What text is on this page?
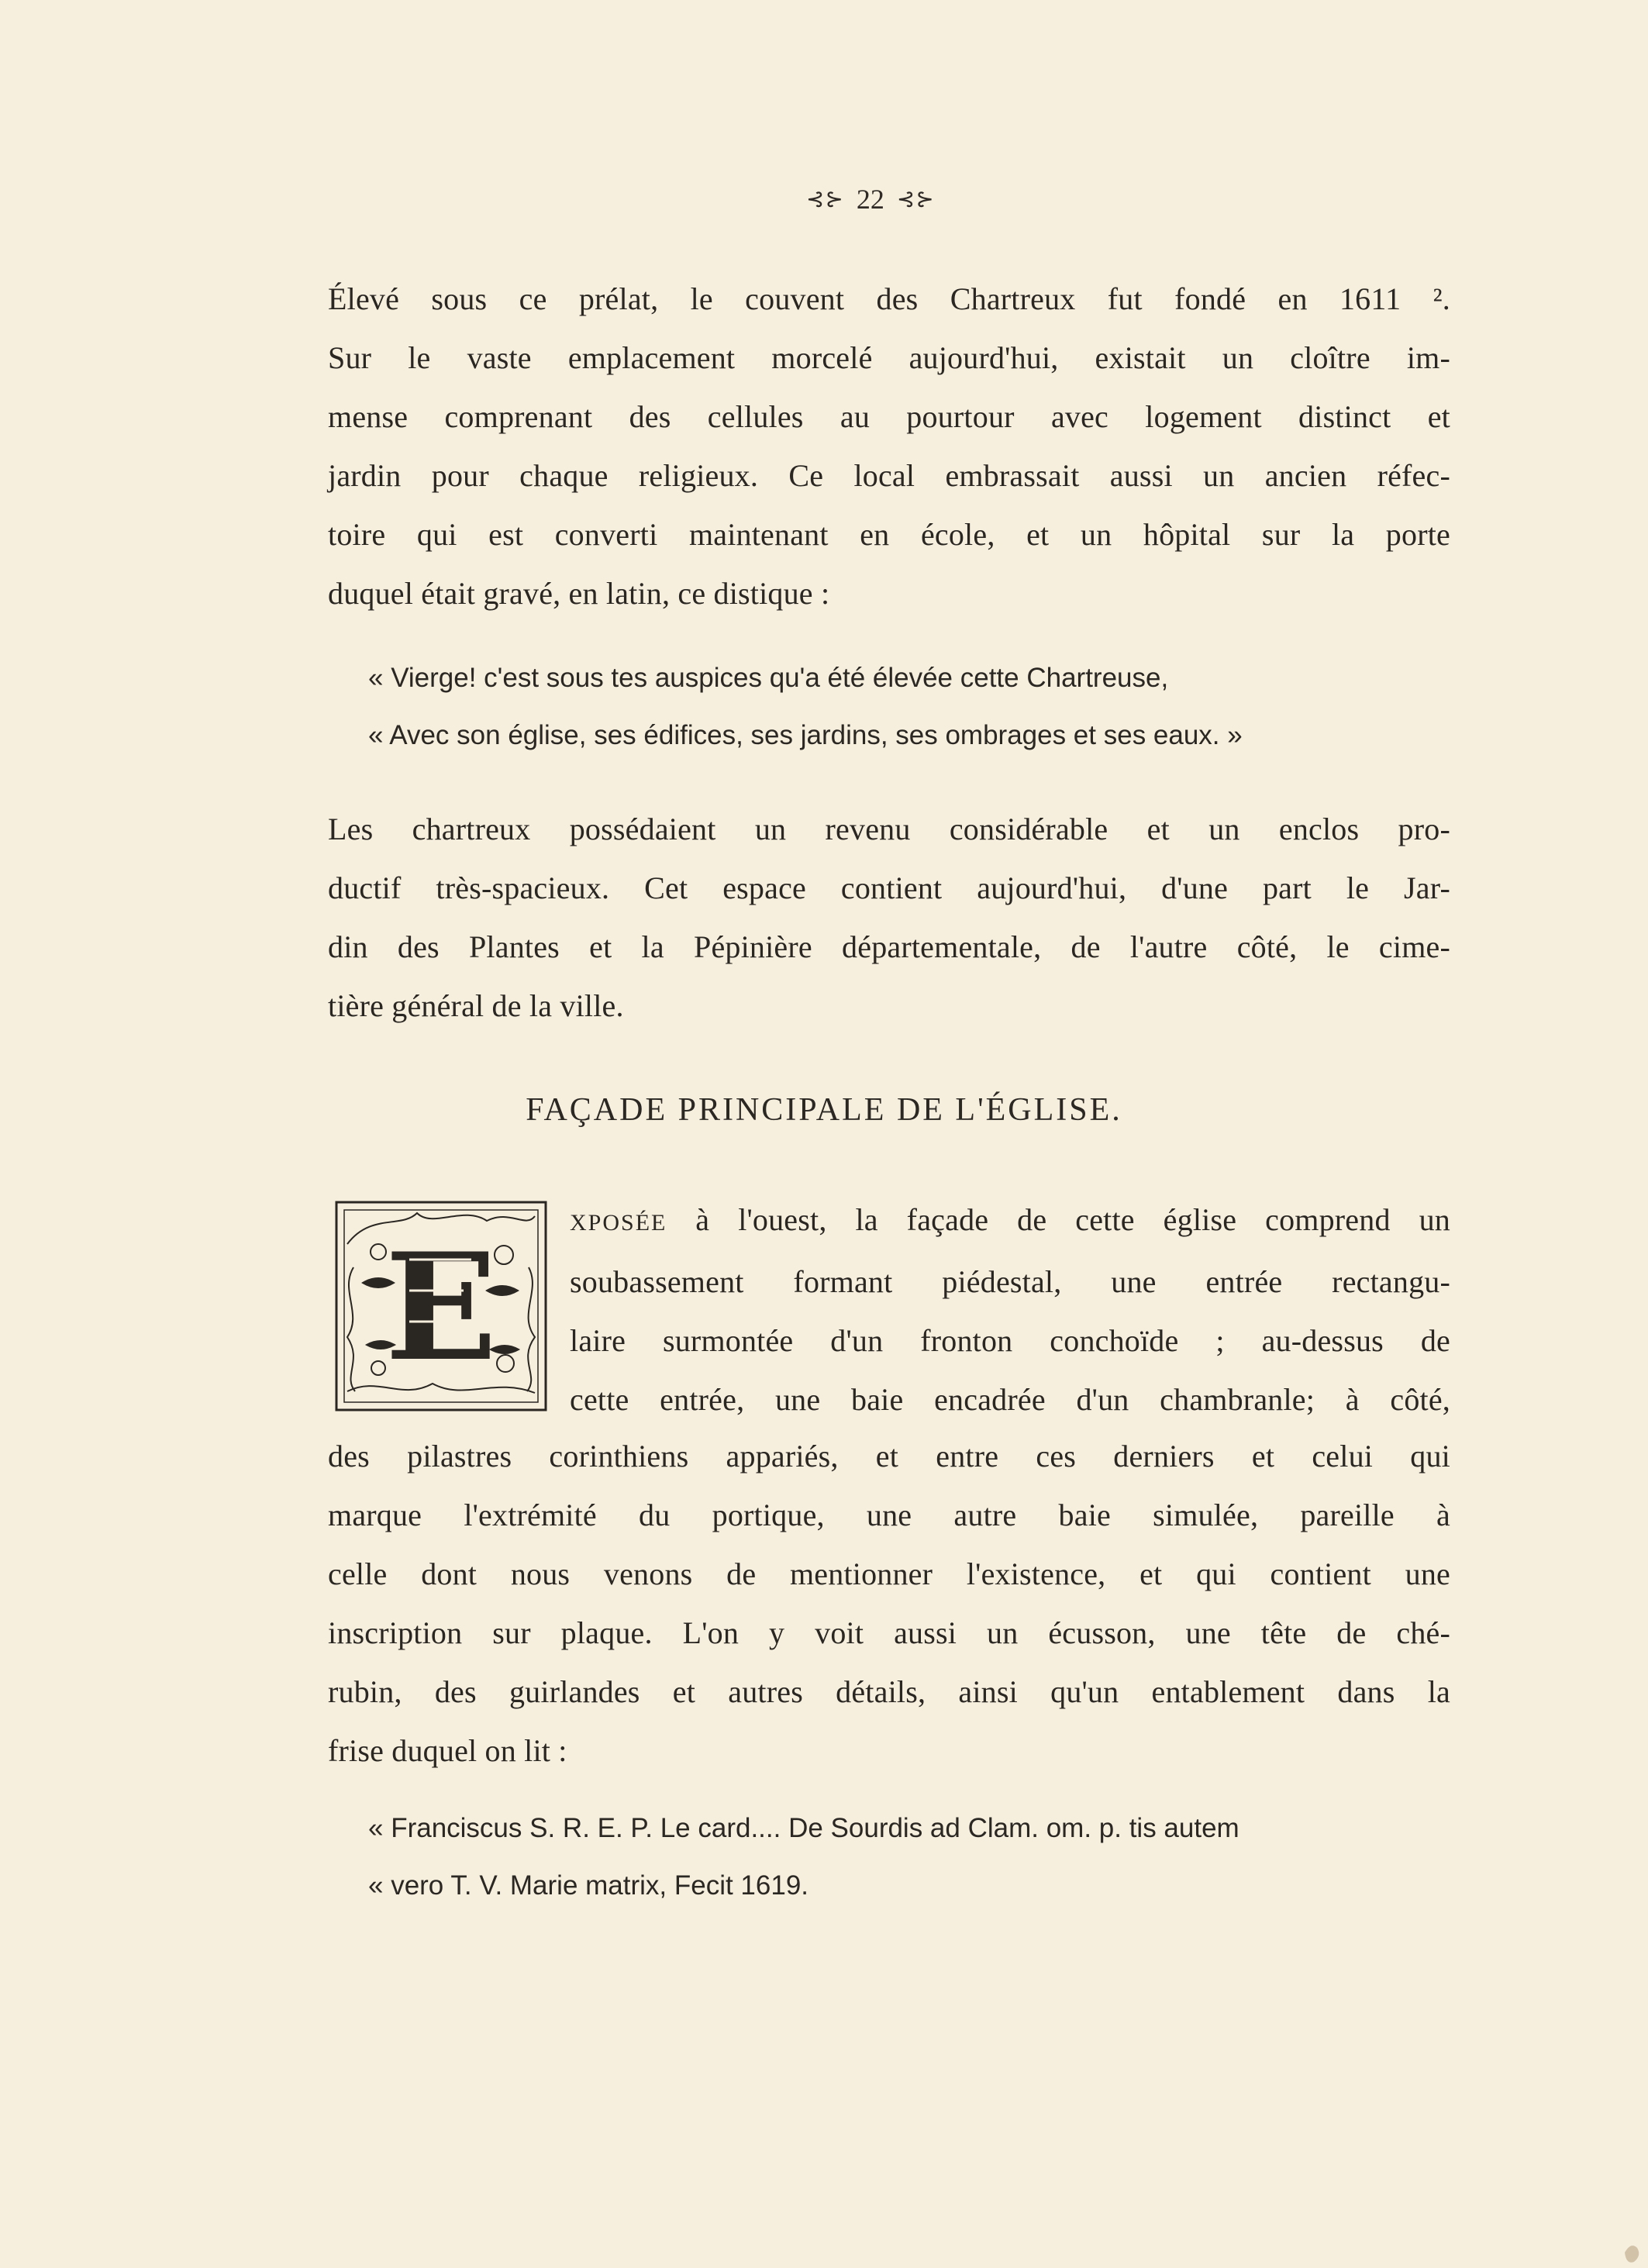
⊰⊱ 22 ⊰⊱
Élevé sous ce prélat, le couvent des Chartreux fut fondé en 1611 ².
Sur le vaste emplacement morcelé aujourd'hui, existait un cloître im-
mense comprenant des cellules au pourtour avec logement distinct et
jardin pour chaque religieux. Ce local embrassait aussi un ancien réfec-
toire qui est converti maintenant en école, et un hôpital sur la porte
duquel était gravé, en latin, ce distique :
« Vierge! c'est sous tes auspices qu'a été élevée cette Chartreuse,
« Avec son église, ses édifices, ses jardins, ses ombrages et ses eaux. »
Les chartreux possédaient un revenu considérable et un enclos pro-
ductif très-spacieux. Cet espace contient aujourd'hui, d'une part le Jar-
din des Plantes et la Pépinière départementale, de l'autre côté, le cime-
tière général de la ville.
FAÇADE PRINCIPALE DE L'ÉGLISE.
E	XPOSÉE à l'ouest, la façade de cette église comprend un
soubassement formant piédestal, une entrée rectangu-
laire surmontée d'un fronton conchoïde ; au-dessus de
cette entrée, une baie encadrée d'un chambranle; à côté,
des pilastres corinthiens appariés, et entre ces derniers et celui qui
marque l'extrémité du portique, une autre baie simulée, pareille à
celle dont nous venons de mentionner l'existence, et qui contient une
inscription sur plaque. L'on y voit aussi un écusson, une tête de ché-
rubin, des guirlandes et autres détails, ainsi qu'un entablement dans la
frise duquel on lit :
« Franciscus S. R. E. P. Le card.... De Sourdis ad Clam. om. p. tis autem
« vero T. V. Marie matrix, Fecit 1619.
